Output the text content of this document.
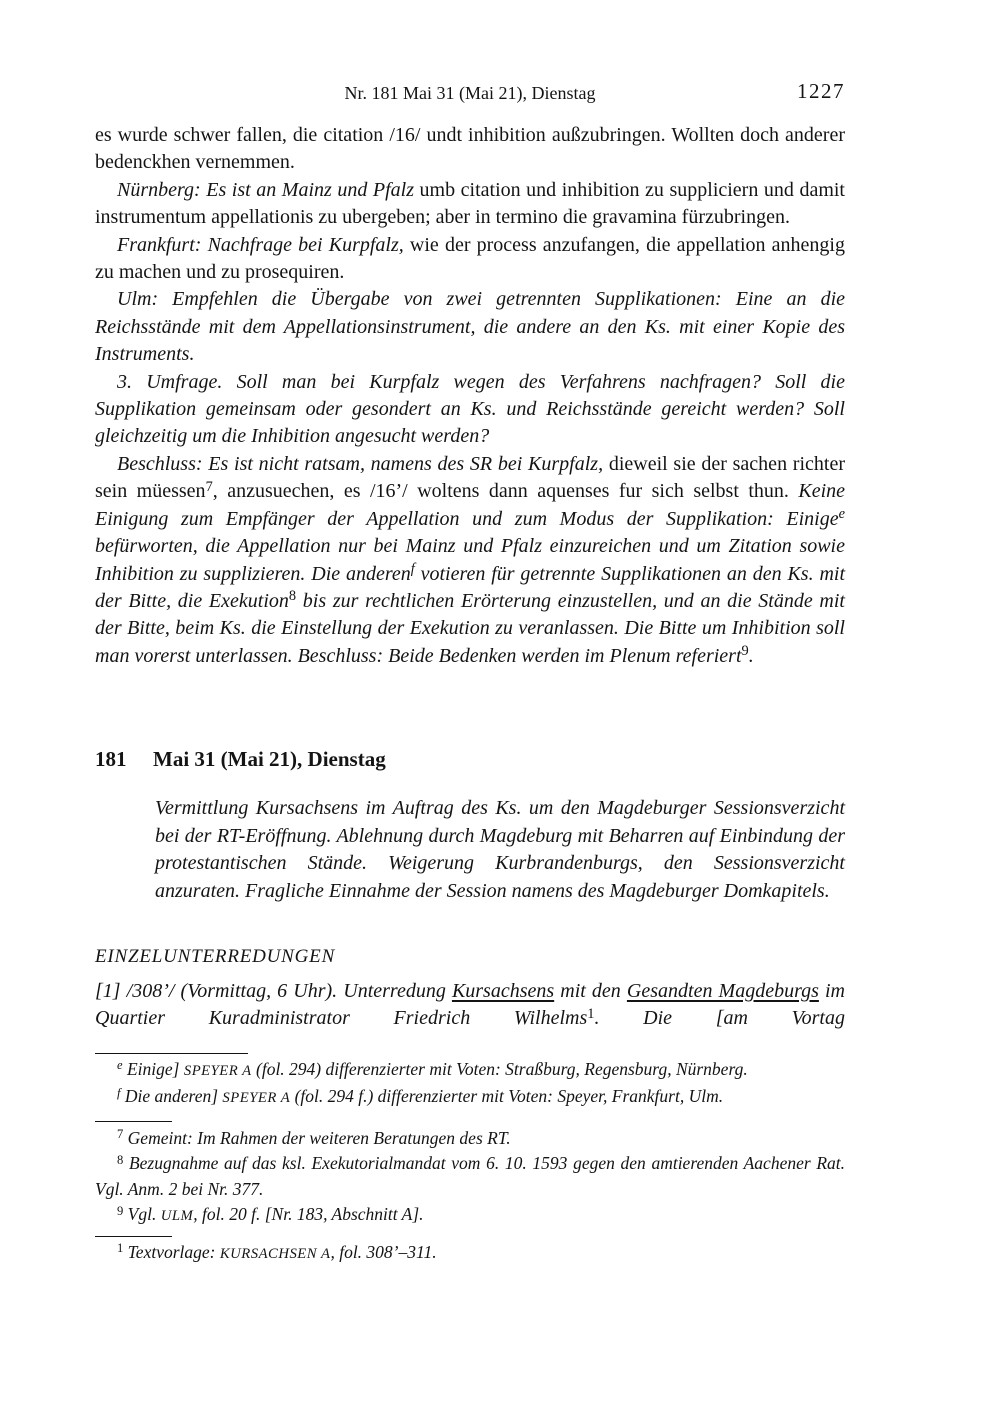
Nr. 181 Mai 31 (Mai 21), Dienstag	1227

es wurde schwer fallen, die citation /16/ undt inhibition außzubringen. Wollten doch anderer bedenckhen vernemmen.

Nürnberg: Es ist an Mainz und Pfalz umb citation und inhibition zu suppliciern und damit instrumentum appellationis zu ubergeben; aber in termino die gravamina fürzubringen.

Frankfurt: Nachfrage bei Kurpfalz, wie der process anzufangen, die appellation anhengig zu machen und zu prosequiren.

Ulm: Empfehlen die Übergabe von zwei getrennten Supplikationen: Eine an die Reichsstände mit dem Appellationsinstrument, die andere an den Ks. mit einer Kopie des Instruments.

3. Umfrage. Soll man bei Kurpfalz wegen des Verfahrens nachfragen? Soll die Supplikation gemeinsam oder gesondert an Ks. und Reichsstände gereicht werden? Soll gleichzeitig um die Inhibition angesucht werden?

Beschluss: Es ist nicht ratsam, namens des SR bei Kurpfalz, dieweil sie der sachen richter sein müessen$^7$, anzusuechen, es /16’/ woltens dann aquenses fur sich selbst thun. Keine Einigung zum Empfänger der Appellation und zum Modus der Supplikation: Einige$^e$ befürworten, die Appellation nur bei Mainz und Pfalz einzureichen und um Zitation sowie Inhibition zu supplizieren. Die anderen$^f$ votieren für getrennte Supplikationen an den Ks. mit der Bitte, die Exekution$^8$ bis zur rechtlichen Erörterung einzustellen, und an die Stände mit der Bitte, beim Ks. die Einstellung der Exekution zu veranlassen. Die Bitte um Inhibition soll man vorerst unterlassen. Beschluss: Beide Bedenken werden im Plenum referiert$^9$.

181 Mai 31 (Mai 21), Dienstag
Vermittlung Kursachsens im Auftrag des Ks. um den Magdeburger Sessionsverzicht bei der RT-Eröffnung. Ablehnung durch Magdeburg mit Beharren auf Einbindung der protestantischen Stände. Weigerung Kurbrandenburgs, den Sessionsverzicht anzuraten. Fragliche Einnahme der Session namens des Magdeburger Domkapitels.
EINZELUNTERREDUNGEN
[1] /308’/ (Vormittag, 6 Uhr). Unterredung Kursachsens mit den Gesandten Magdeburgs im Quartier Kuradministrator Friedrich Wilhelms$^1$. Die [am Vortag

$^e$ Einige] SPEYER A (fol. 294) differenzierter mit Voten: Straßburg, Regensburg, Nürnberg.

$^f$ Die anderen] SPEYER A (fol. 294 f.) differenzierter mit Voten: Speyer, Frankfurt, Ulm.

$^7$ Gemeint: Im Rahmen der weiteren Beratungen des RT.

$^8$ Bezugnahme auf das ksl. Exekutorialmandat vom 6. 10. 1593 gegen den amtierenden Aachener Rat. Vgl. Anm. 2 bei Nr. 377.

$^9$ Vgl. ULM, fol. 20 f. [Nr. 183, Abschnitt A].

$^1$ Textvorlage: KURSACHSEN A, fol. 308’–311.
